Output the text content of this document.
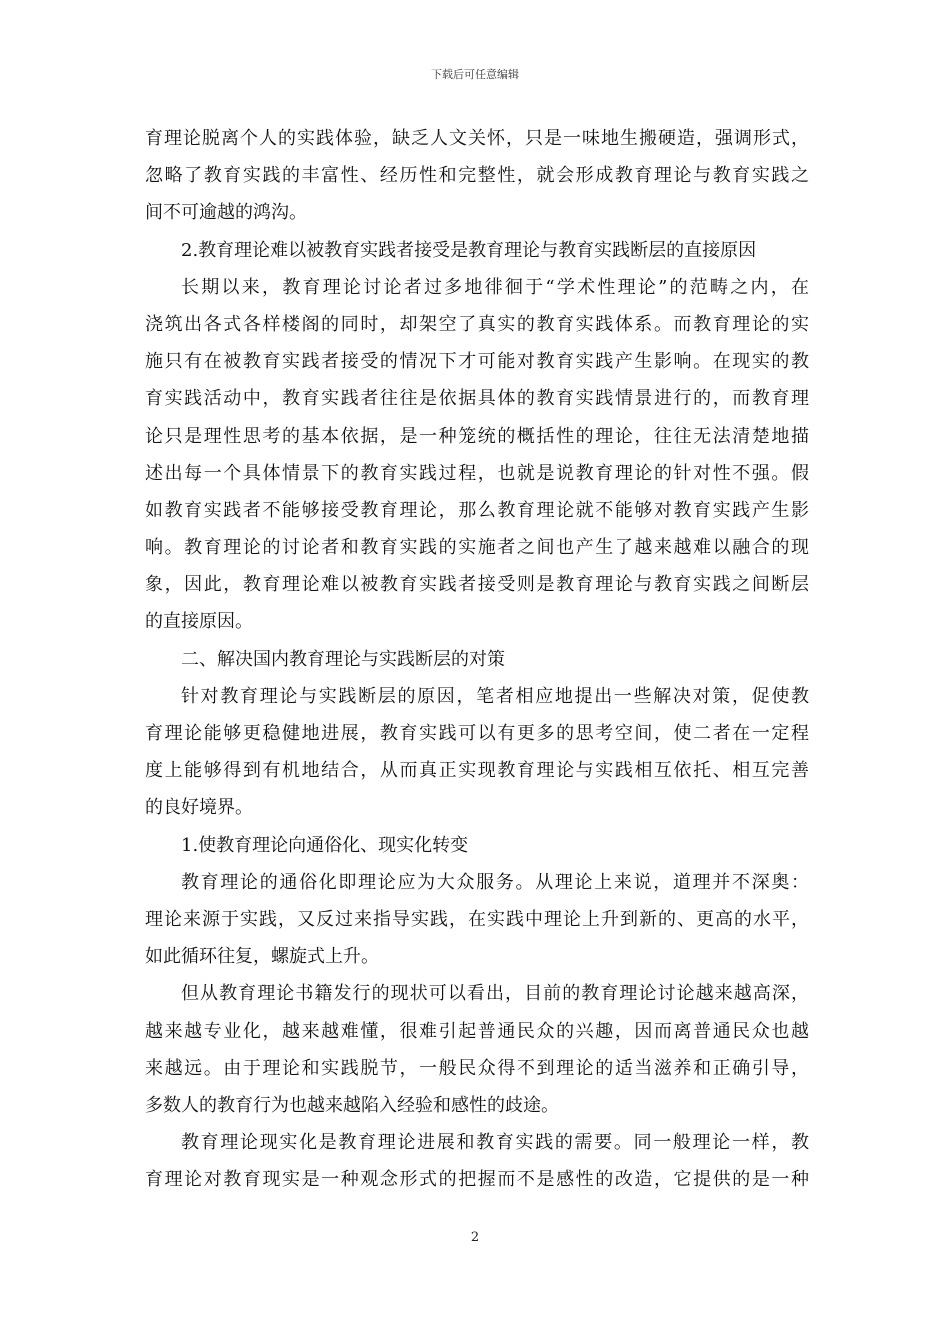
下载后可任意编辑
育理论脱离个人的实践体验，缺乏人文关怀，只是一味地生搬硬造，强调形式，
忽略了教育实践的丰富性、经历性和完整性，就会形成教育理论与教育实践之
间不可逾越的鸿沟。
2.教育理论难以被教育实践者接受是教育理论与教育实践断层的直接原因
长期以来，教育理论讨论者过多地徘徊于“学术性理论”的范畴之内，在
浇筑出各式各样楼阁的同时，却架空了真实的教育实践体系。而教育理论的实
施只有在被教育实践者接受的情况下才可能对教育实践产生影响。在现实的教
育实践活动中，教育实践者往往是依据具体的教育实践情景进行的，而教育理
论只是理性思考的基本依据，是一种笼统的概括性的理论，往往无法清楚地描
述出每一个具体情景下的教育实践过程，也就是说教育理论的针对性不强。假
如教育实践者不能够接受教育理论，那么教育理论就不能够对教育实践产生影
响。教育理论的讨论者和教育实践的实施者之间也产生了越来越难以融合的现
象，因此，教育理论难以被教育实践者接受则是教育理论与教育实践之间断层
的直接原因。
二、解决国内教育理论与实践断层的对策
针对教育理论与实践断层的原因，笔者相应地提出一些解决对策，促使教
育理论能够更稳健地进展，教育实践可以有更多的思考空间，使二者在一定程
度上能够得到有机地结合，从而真正实现教育理论与实践相互依托、相互完善
的良好境界。
1.使教育理论向通俗化、现实化转变
教育理论的通俗化即理论应为大众服务。从理论上来说，道理并不深奥：
理论来源于实践，又反过来指导实践，在实践中理论上升到新的、更高的水平，
如此循环往复，螺旋式上升。
但从教育理论书籍发行的现状可以看出，目前的教育理论讨论越来越高深，
越来越专业化，越来越难懂，很难引起普通民众的兴趣，因而离普通民众也越
来越远。由于理论和实践脱节，一般民众得不到理论的适当滋养和正确引导，
多数人的教育行为也越来越陷入经验和感性的歧途。
教育理论现实化是教育理论进展和教育实践的需要。同一般理论一样，教
育理论对教育现实是一种观念形式的把握而不是感性的改造，它提供的是一种
2
